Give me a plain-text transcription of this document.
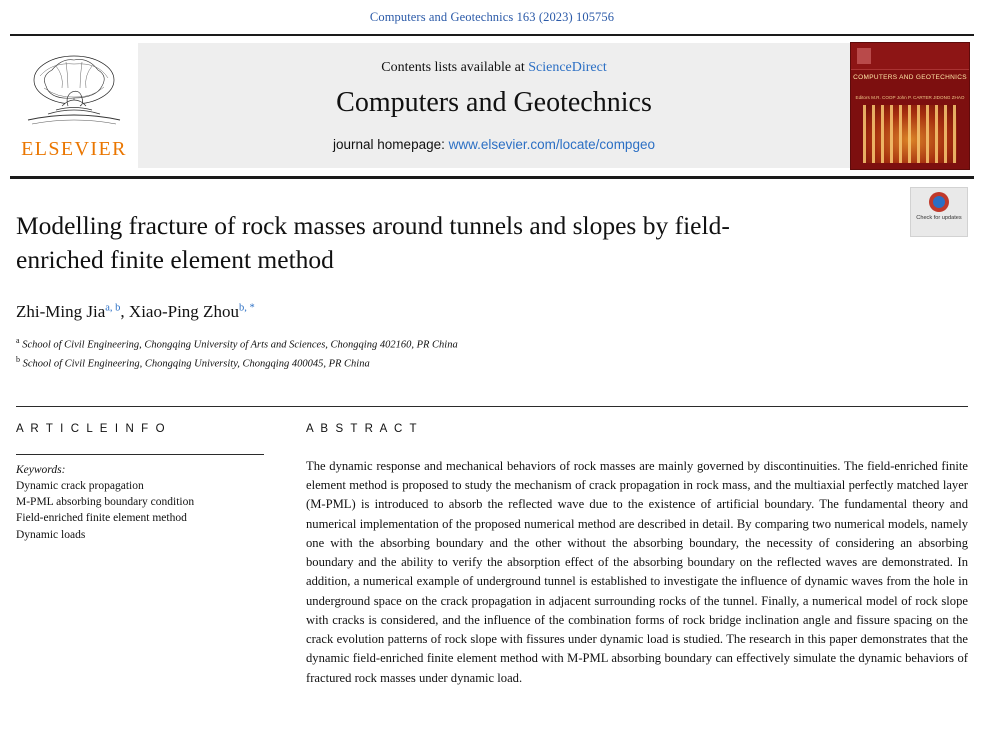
Computers and Geotechnics 163 (2023) 105756
ELSEVIER
Contents lists available at ScienceDirect
Computers and Geotechnics
journal homepage: www.elsevier.com/locate/compgeo
COMPUTERS AND GEOTECHNICS
Editors M.R. COOP John P. CARTER JIDONG ZHAO
Check for updates
Modelling fracture of rock masses around tunnels and slopes by field-enriched finite element method
Zhi-Ming Jia$^{a, b}$, Xiao-Ping Zhou$^{b, *}$
$^a$ School of Civil Engineering, Chongqing University of Arts and Sciences, Chongqing 402160, PR China
$^b$ School of Civil Engineering, Chongqing University, Chongqing 400045, PR China
A R T I C L E I N F O
Keywords:
Dynamic crack propagation
M-PML absorbing boundary condition
Field-enriched finite element method
Dynamic loads
A B S T R A C T
The dynamic response and mechanical behaviors of rock masses are mainly governed by discontinuities. The field-enriched finite element method is proposed to study the mechanism of crack propagation in rock mass, and the multiaxial perfectly matched layer (M-PML) is introduced to absorb the reflected wave due to the existence of artificial boundary. The fundamental theory and numerical implementation of the proposed numerical method are described in detail. By comparing two numerical models, namely one with the absorbing boundary and the other without the absorbing boundary, the necessity of considering an absorbing boundary and the ability to verify the absorption effect of the absorbing boundary on the reflected waves are demonstrated. In addition, a numerical example of underground tunnel is established to investigate the influence of dynamic waves from the hole in underground space on the crack propagation in adjacent surrounding rocks of the tunnel. Finally, a numerical model of rock slope with cracks is considered, and the influence of the combination forms of rock bridge inclination angle and fissure spacing on the crack evolution patterns of rock slope with fissures under dynamic load is studied. The research in this paper demonstrates that the dynamic field-enriched finite element method with M-PML absorbing boundary can effectively simulate the dynamic behaviors of fractured rock masses under dynamic load.
